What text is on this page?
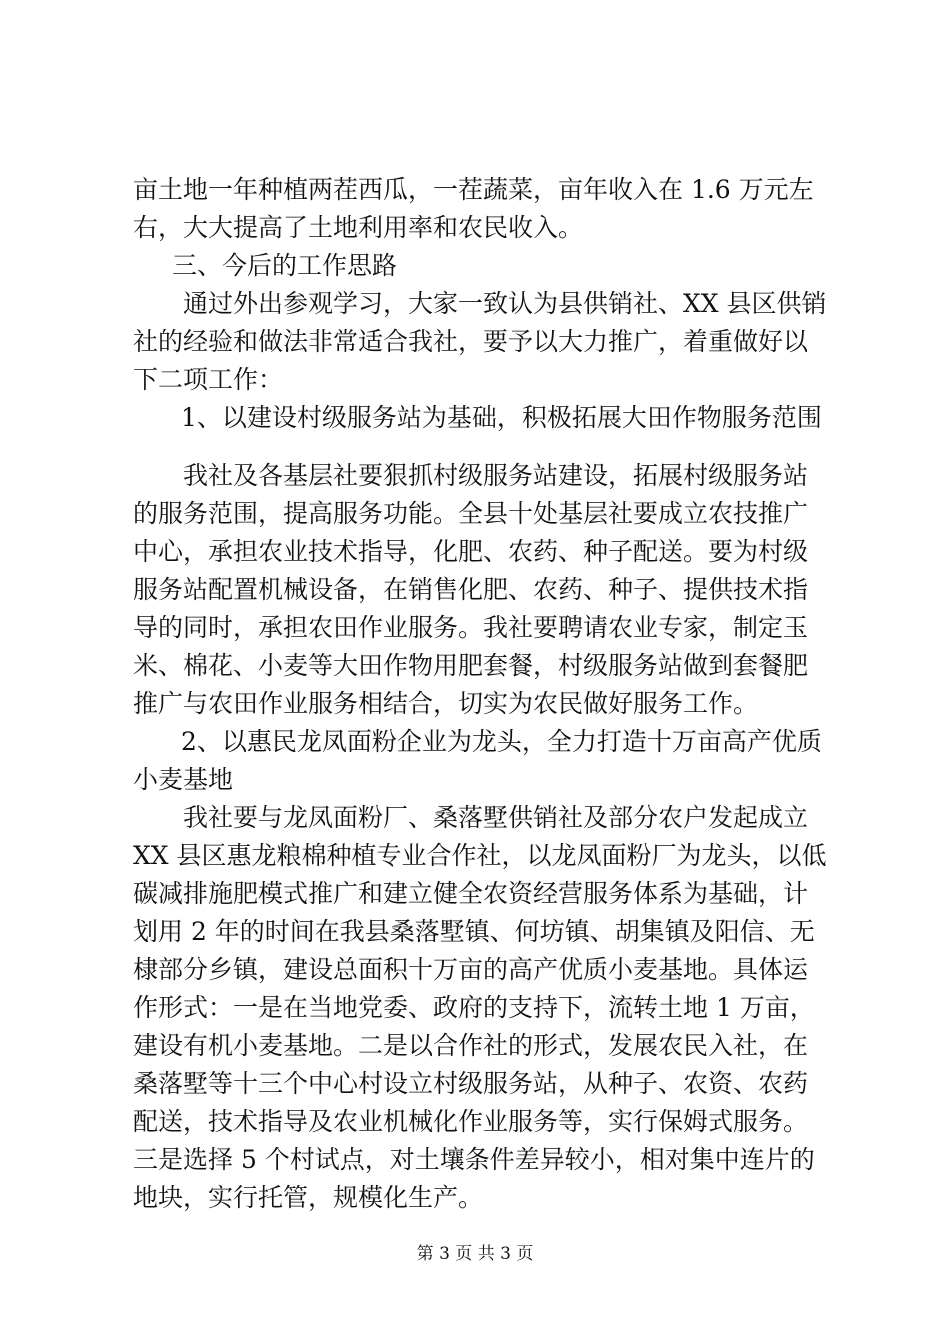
亩土地一年种植两茬西瓜，一茬蔬菜，亩年收入在 1.6 万元左
右，大大提高了土地利用率和农民收入。
三、今后的工作思路
通过外出参观学习，大家一致认为县供销社、XX 县区供销
社的经验和做法非常适合我社，要予以大力推广，着重做好以
下二项工作：
1、以建设村级服务站为基础，积极拓展大田作物服务范围
我社及各基层社要狠抓村级服务站建设，拓展村级服务站
的服务范围，提高服务功能。全县十处基层社要成立农技推广
中心，承担农业技术指导，化肥、农药、种子配送。要为村级
服务站配置机械设备，在销售化肥、农药、种子、提供技术指
导的同时，承担农田作业服务。我社要聘请农业专家，制定玉
米、棉花、小麦等大田作物用肥套餐，村级服务站做到套餐肥
推广与农田作业服务相结合，切实为农民做好服务工作。
2、以惠民龙凤面粉企业为龙头，全力打造十万亩高产优质
小麦基地
我社要与龙凤面粉厂、桑落墅供销社及部分农户发起成立
XX 县区惠龙粮棉种植专业合作社，以龙凤面粉厂为龙头，以低
碳减排施肥模式推广和建立健全农资经营服务体系为基础，计
划用 2 年的时间在我县桑落墅镇、何坊镇、胡集镇及阳信、无
棣部分乡镇，建设总面积十万亩的高产优质小麦基地。具体运
作形式：一是在当地党委、政府的支持下，流转土地 1 万亩，
建设有机小麦基地。二是以合作社的形式，发展农民入社，在
桑落墅等十三个中心村设立村级服务站，从种子、农资、农药
配送，技术指导及农业机械化作业服务等，实行保姆式服务。
三是选择 5 个村试点，对土壤条件差异较小，相对集中连片的
地块，实行托管，规模化生产。
第 3 页 共 3 页
